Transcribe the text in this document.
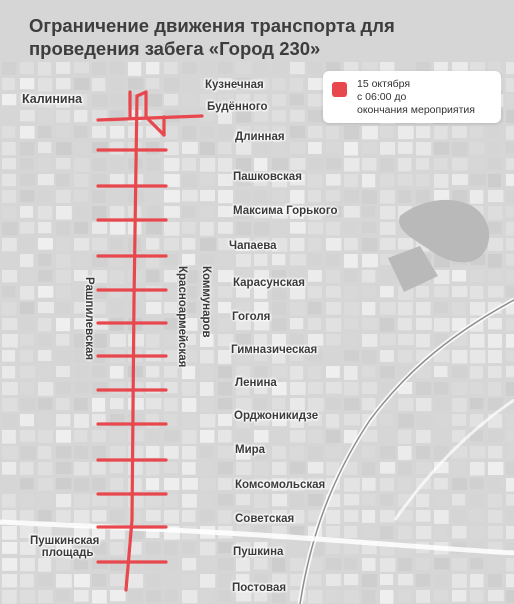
Ограничение движения транспорта для
проведения забега «Город 230»
15 октября
с 06:00 до
окончания мероприятия
Кузнечная
Будённого
Калинина
Длинная
Пашковская
Максима Горького
Чапаева
Карасунская
Гоголя
Гимназическая
Ленина
Орджоникидзе
Мира
Комсомольская
Советская
Пушкина
Постовая
Рашпилевская	Красноармейская Коммунаров
Пушкинская
площадь
